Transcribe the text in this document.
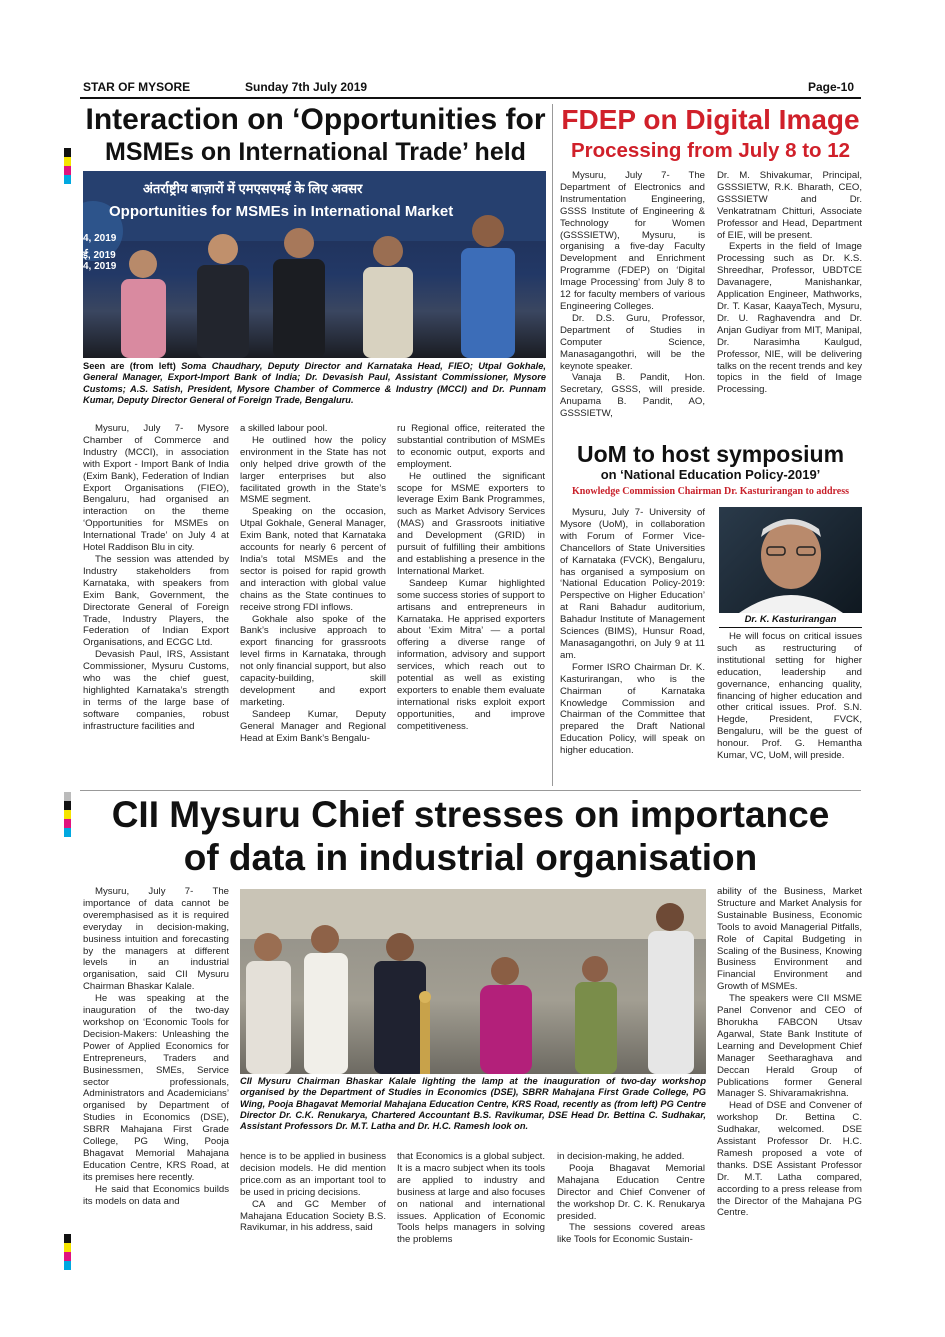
STAR OF MYSORE	Sunday 7th July 2019	Page-10
Interaction on ‘Opportunities for
MSMEs on International Trade’ held
अंतर्राष्ट्रीय बाज़ारों में एमएसएमई के लिए अवसर
Opportunities for MSMEs in International Market
4, 2019
ई, 2019
4, 2019
Seen are (from left) Soma Chaudhary, Deputy Director and Karnataka Head, FIEO; Utpal Gokhale, General Manager, Export-Import Bank of India; Dr. Devasish Paul, Assistant Commissioner, Mysore Customs; A.S. Satish, President, Mysore Chamber of Commerce & Industry (MCCI) and Dr. Punnam Kumar, Deputy Director General of Foreign Trade, Bengaluru.

Mysuru, July 7- Mysore Chamber of Commerce and Industry (MCCI), in association with Export - Import Bank of India (Exim Bank), Federation of Indian Export Organisations (FIEO), Bengaluru, had organised an interaction on the theme ‘Opportunities for MSMEs on International Trade’ on July 4 at Hotel Raddison Blu in city.

The session was attended by Industry stakeholders from Karnataka, with speakers from Exim Bank, Government, the Directorate General of Foreign Trade, Industry Players, the Federation of Indian Export Organisations, and ECGC Ltd.

Devasish Paul, IRS, Assistant Commissioner, Mysuru Customs, who was the chief guest, highlighted Karnataka’s strength in terms of the large base of software companies, robust infrastructure facilities and

a skilled labour pool.

He outlined how the policy environment in the State has not only helped drive growth of the larger enterprises but also facilitated growth in the State’s MSME segment.

Speaking on the occasion, Utpal Gokhale, General Manager, Exim Bank, noted that Karnataka accounts for nearly 6 percent of India’s total MSMEs and the sector is poised for rapid growth and interaction with global value chains as the State continues to receive strong FDI inflows.

Gokhale also spoke of the Bank’s inclusive approach to export financing for grassroots level firms in Karnataka, through not only financial support, but also capacity-building, skill development and export marketing.

Sandeep Kumar, Deputy General Manager and Regional Head at Exim Bank’s Bengalu-

ru Regional office, reiterated the substantial contribution of MSMEs to economic output, exports and employment.

He outlined the significant scope for MSME exporters to leverage Exim Bank Programmes, such as Market Advisory Services (MAS) and Grassroots initiative and Development (GRID) in pursuit of fulfilling their ambitions and establishing a presence in the International Market.

Sandeep Kumar highlighted some success stories of support to artisans and entrepreneurs in Karnataka. He apprised exporters about ‘Exim Mitra’ — a portal offering a diverse range of information, advisory and support services, which reach out to potential as well as existing exporters to enable them evaluate international risks exploit export opportunities, and improve competitiveness.

FDEP on Digital Image
Processing from July 8 to 12

Mysuru, July 7- The Department of Electronics and Instrumentation Engineering, GSSS Institute of Engineering & Technology for Women (GSSSIETW), Mysuru, is organising a five-day Faculty Development and Enrichment Programme (FDEP) on ‘Digital Image Processing’ from July 8 to 12 for faculty members of various Engineering Colleges.

Dr. D.S. Guru, Professor, Department of Studies in Computer Science, Manasagangothri, will be the keynote speaker.

Vanaja B. Pandit, Hon. Secretary, GSSS, will preside. Anupama B. Pandit, AO, GSSSIETW,

Dr. M. Shivakumar, Principal, GSSSIETW, R.K. Bharath, CEO, GSSSIETW and Dr. Venkatratnam Chitturi, Associate Professor and Head, Department of EIE, will be present.

Experts in the field of Image Processing such as Dr. K.S. Shreedhar, Professor, UBDTCE Davanagere, Manishankar, Application Engineer, Mathworks, Dr. T. Kasar, KaayaTech, Mysuru, Dr. U. Raghavendra and Dr. Anjan Gudiyar from MIT, Manipal, Dr. Narasimha Kaulgud, Professor, NIE, will be delivering talks on the recent trends and key topics in the field of Image Processing.

UoM to host symposium
on ‘National Education Policy-2019’
Knowledge Commission Chairman Dr. Kasturirangan to address

Mysuru, July 7- University of Mysore (UoM), in collaboration with Forum of Former Vice-Chancellors of State Universities of Karnataka (FVCK), Bengaluru, has organised a symposium on ‘National Education Policy-2019: Perspective on Higher Education’ at Rani Bahadur auditorium, Bahadur Institute of Management Sciences (BIMS), Hunsur Road, Manasagangothri, on July 9 at 11 am.

Former ISRO Chairman Dr. K. Kasturirangan, who is the Chairman of Karnataka Knowledge Commission and Chairman of the Committee that prepared the Draft National Education Policy, will speak on higher education.

Dr. K. Kasturirangan

He will focus on critical issues such as restructuring of institutional setting for higher education, leadership and governance, enhancing quality, financing of higher education and other critical issues. Prof. S.N. Hegde, President, FVCK, Bengaluru, will be the guest of honour. Prof. G. Hemantha Kumar, VC, UoM, will preside.

CII Mysuru Chief stresses on importance
of data in industrial organisation

Mysuru, July 7- The importance of data cannot be overemphasised as it is required everyday in decision-making, business intuition and forecasting by the managers at different levels in an industrial organisation, said CII Mysuru Chairman Bhaskar Kalale.

He was speaking at the inauguration of the two-day workshop on ‘Economic Tools for Decision-Makers: Unleashing the Power of Applied Economics for Entrepreneurs, Traders and Businessmen, SMEs, Service sector professionals, Administrators and Academicians’ organised by Department of Studies in Economics (DSE), SBRR Mahajana First Grade College, PG Wing, Pooja Bhagavat Memorial Mahajana Education Centre, KRS Road, at its premises here recently.

He said that Economics builds its models on data and

CII Mysuru Chairman Bhaskar Kalale lighting the lamp at the inauguration of two-day workshop organised by the Department of Studies in Economics (DSE), SBRR Mahajana First Grade College, PG Wing, Pooja Bhagavat Memorial Mahajana Education Centre, KRS Road, recently as (from left) PG Centre Director Dr. C.K. Renukarya, Chartered Accountant B.S. Ravikumar, DSE Head Dr. Bettina C. Sudhakar, Assistant Professors Dr. M.T. Latha and Dr. H.C. Ramesh look on.

hence is to be applied in business decision models. He did mention price.com as an important tool to be used in pricing decisions.

CA and GC Member of Mahajana Education Society B.S. Ravikumar, in his address, said

that Economics is a global subject. It is a macro subject when its tools are applied to industry and business at large and also focuses on national and international issues. Application of Economic Tools helps managers in solving the problems

in decision-making, he added.

Pooja Bhagavat Memorial Mahajana Education Centre Director and Chief Convener of the workshop Dr. C. K. Renukarya presided.

The sessions covered areas like Tools for Economic Sustain-

ability of the Business, Market Structure and Market Analysis for Sustainable Business, Economic Tools to avoid Managerial Pitfalls, Role of Capital Budgeting in Scaling of the Business, Knowing Business Environment and Financial Environment and Growth of MSMEs.

The speakers were CII MSME Panel Convenor and CEO of Bhorukha FABCON Utsav Agarwal, State Bank Institute of Learning and Development Chief Manager Seetharaghava and Deccan Herald Group of Publications former General Manager S. Shivaramakrishna.

Head of DSE and Convener of workshop Dr. Bettina C. Sudhakar, welcomed. DSE Assistant Professor Dr. H.C. Ramesh proposed a vote of thanks. DSE Assistant Professor Dr. M.T. Latha compared, according to a press release from the Director of the Mahajana PG Centre.
